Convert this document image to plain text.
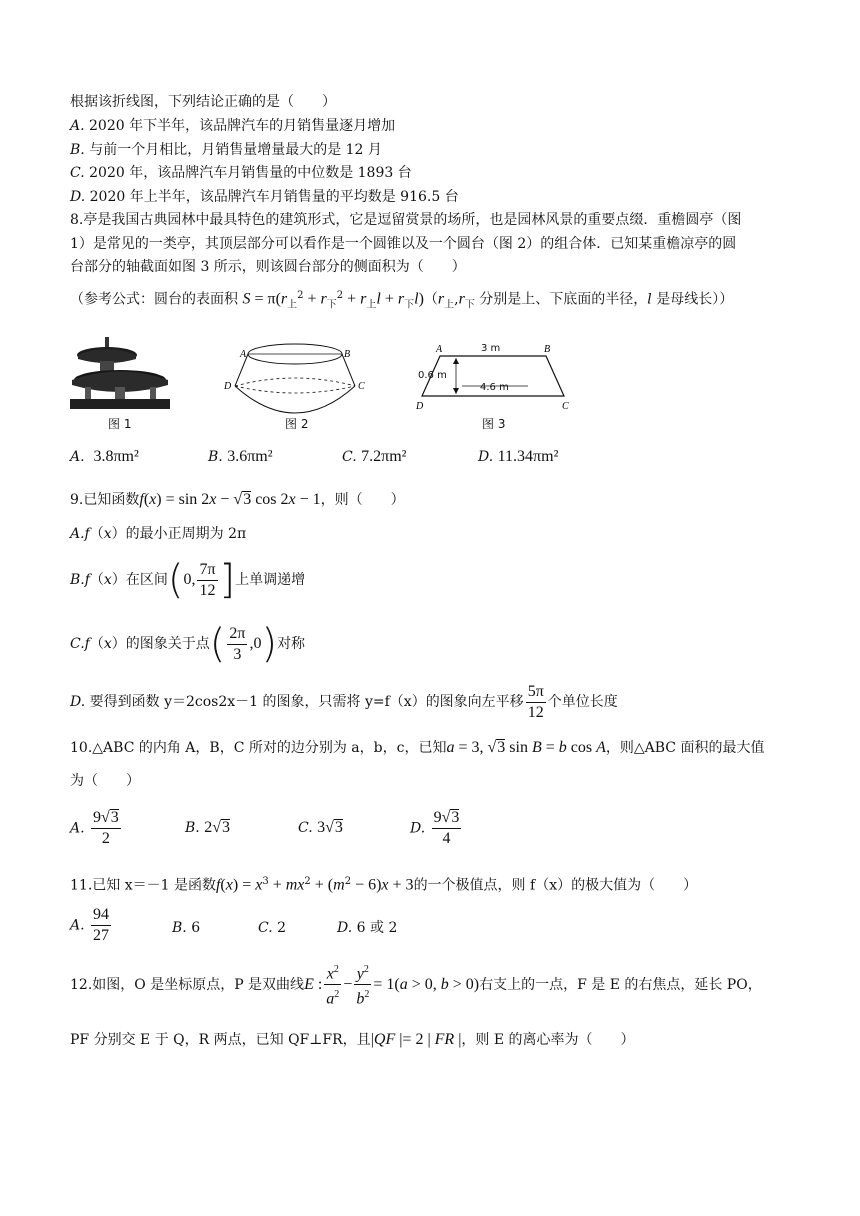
根据该折线图，下列结论正确的是（　　）
A. 2020 年下半年，该品牌汽车的月销售量逐月增加
B. 与前一个月相比，月销售量增量最大的是 12 月
C. 2020 年，该品牌汽车月销售量的中位数是 1893 台
D. 2020 年上半年，该品牌汽车月销售量的平均数是 916.5 台
8.亭是我国古典园林中最具特色的建筑形式，它是逗留赏景的场所，也是园林风景的重要点缀．重檐圆亭（图
1）是常见的一类亭，其顶层部分可以看作是一个圆锥以及一个圆台（图 2）的组合体．已知某重檐凉亭的圆
台部分的轴截面如图 3 所示，则该圆台部分的侧面积为（　　）
（参考公式：圆台的表面积 $S = \pi(r_上^2 + r_下^2 + r_上l + r_下l)(r_上,r_下$ 分别是上、下底面的半径，l 是母线长））
图 1
A	B
D	C
图 2
A	B
D	C
3 m
0.6 m
4.6 m
图 3
A. 3.8πm²	B. 3.6πm²	C. 7.2πm²	D. 11.34πm²
9.已知函数f(x) = sin 2x − √3 cos 2x − 1，则（　　）
A.f（x）的最小正周期为 2π
B.f（x）在区间(0, $\frac{7\pi}{12}$ ]上单调递增
C.f（x）的图象关于点( $\frac{2\pi}{3} ,0$)对称
D. 要得到函数 y＝2cos2x－1 的图象，只需将 y=f（x）的图象向左平移 $\frac{5\pi}{12}$ 个单位长度
10.△ABC 的内角 A，B，C 所对的边分别为 a，b，c，已知a = 3, √3 sin B = b cos A，则△ABC 面积的最大值
为（　　）
A. $\frac{9√3}{2}$	B. 2√3	C. 3√3	D. $\frac{9√3}{4}$
11.已知 x＝－1 是函数$f(x) = x^3 + mx^2 + (m^2 - 6)x + 3$的一个极值点，则 f（x）的极大值为（　　）
A. $\frac{94}{27}$	B. 6	C. 2	D. 6 或 2
12.如图，O 是坐标原点，P 是双曲线E : $\frac{x^2}{a^2} - \frac{y^2}{b^2} = 1(a > 0$, b > 0)右支上的一点，F 是 E 的右焦点，延长 PO，
PF 分别交 E 于 Q，R 两点，已知 QF⊥FR，且|QF |= 2 | FR |，则 E 的离心率为（　　）
